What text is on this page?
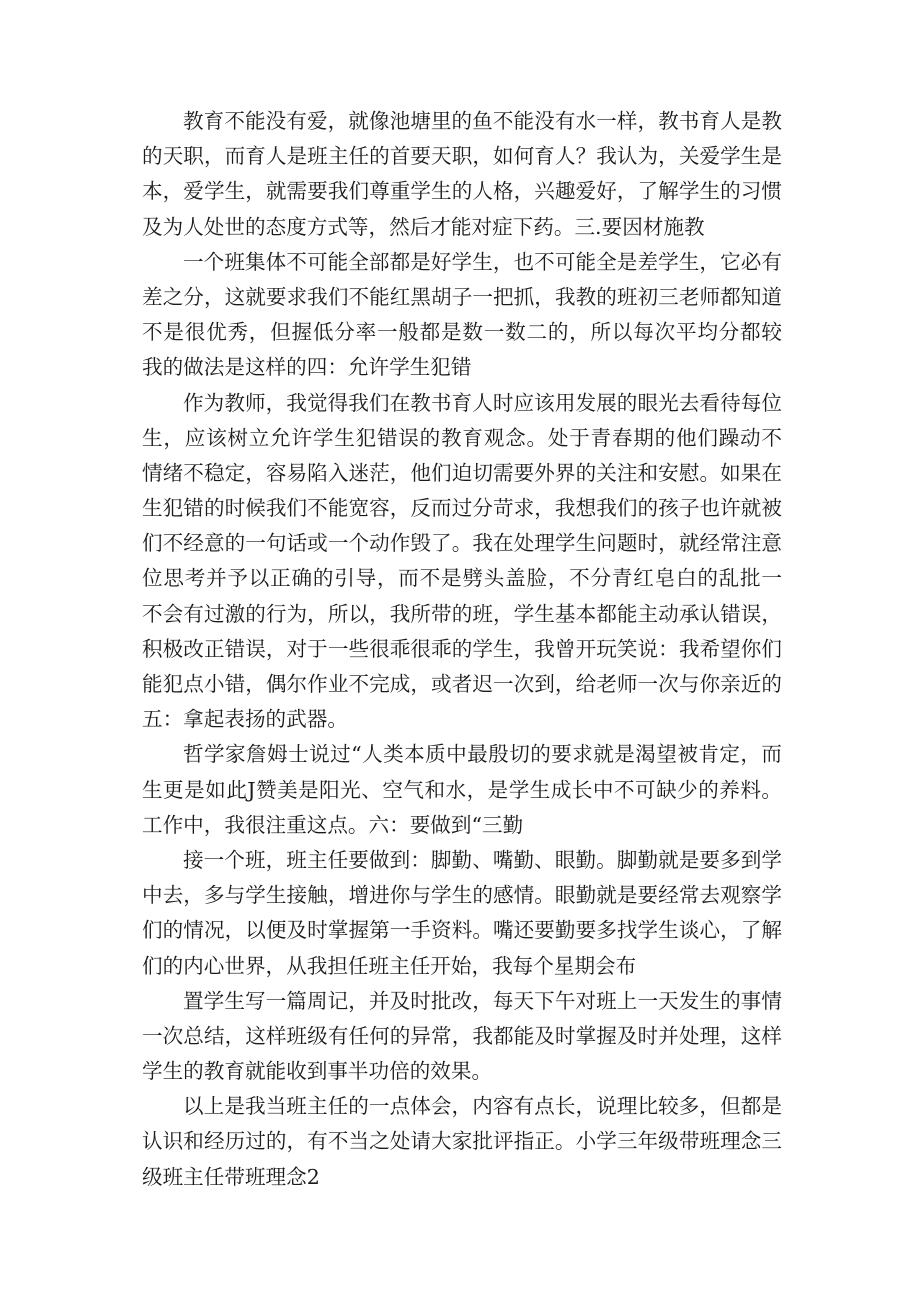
教育不能没有爱，就像池塘里的鱼不能没有水一样，教书育人是教
的天职，而育人是班主任的首要天职，如何育人？我认为，关爱学生是
本，爱学生，就需要我们尊重学生的人格，兴趣爱好，了解学生的习惯
及为人处世的态度方式等，然后才能对症下药。三.要因材施教
一个班集体不可能全部都是好学生，也不可能全是差学生，它必有
差之分，这就要求我们不能红黑胡子一把抓，我教的班初三老师都知道
不是很优秀，但握低分率一般都是数一数二的，所以每次平均分都较
我的做法是这样的四：允许学生犯错
作为教师，我觉得我们在教书育人时应该用发展的眼光去看待每位
生，应该树立允许学生犯错误的教育观念。处于青春期的他们躁动不
情绪不稳定，容易陷入迷茫，他们迫切需要外界的关注和安慰。如果在
生犯错的时候我们不能宽容，反而过分苛求，我想我们的孩子也许就被
们不经意的一句话或一个动作毁了。我在处理学生问题时，就经常注意
位思考并予以正确的引导，而不是劈头盖脸，不分青红皂白的乱批一
不会有过激的行为，所以，我所带的班，学生基本都能主动承认错误，
积极改正错误，对于一些很乖很乖的学生，我曾开玩笑说：我希望你们
能犯点小错，偶尔作业不完成，或者迟一次到，给老师一次与你亲近的
五：拿起表扬的武器。
哲学家詹姆士说过“人类本质中最殷切的要求就是渴望被肯定，而
生更是如此J赞美是阳光、空气和水，是学生成长中不可缺少的养料。
工作中，我很注重这点。六：要做到“三勤
接一个班，班主任要做到：脚勤、嘴勤、眼勤。脚勤就是要多到学
中去，多与学生接触，增进你与学生的感情。眼勤就是要经常去观察学
们的情况，以便及时掌握第一手资料。嘴还要勤要多找学生谈心，了解
们的内心世界，从我担任班主任开始，我每个星期会布
置学生写一篇周记，并及时批改，每天下午对班上一天发生的事情
一次总结，这样班级有任何的异常，我都能及时掌握及时并处理，这样
学生的教育就能收到事半功倍的效果。
以上是我当班主任的一点体会，内容有点长，说理比较多，但都是
认识和经历过的，有不当之处请大家批评指正。小学三年级带班理念三
级班主任带班理念2
